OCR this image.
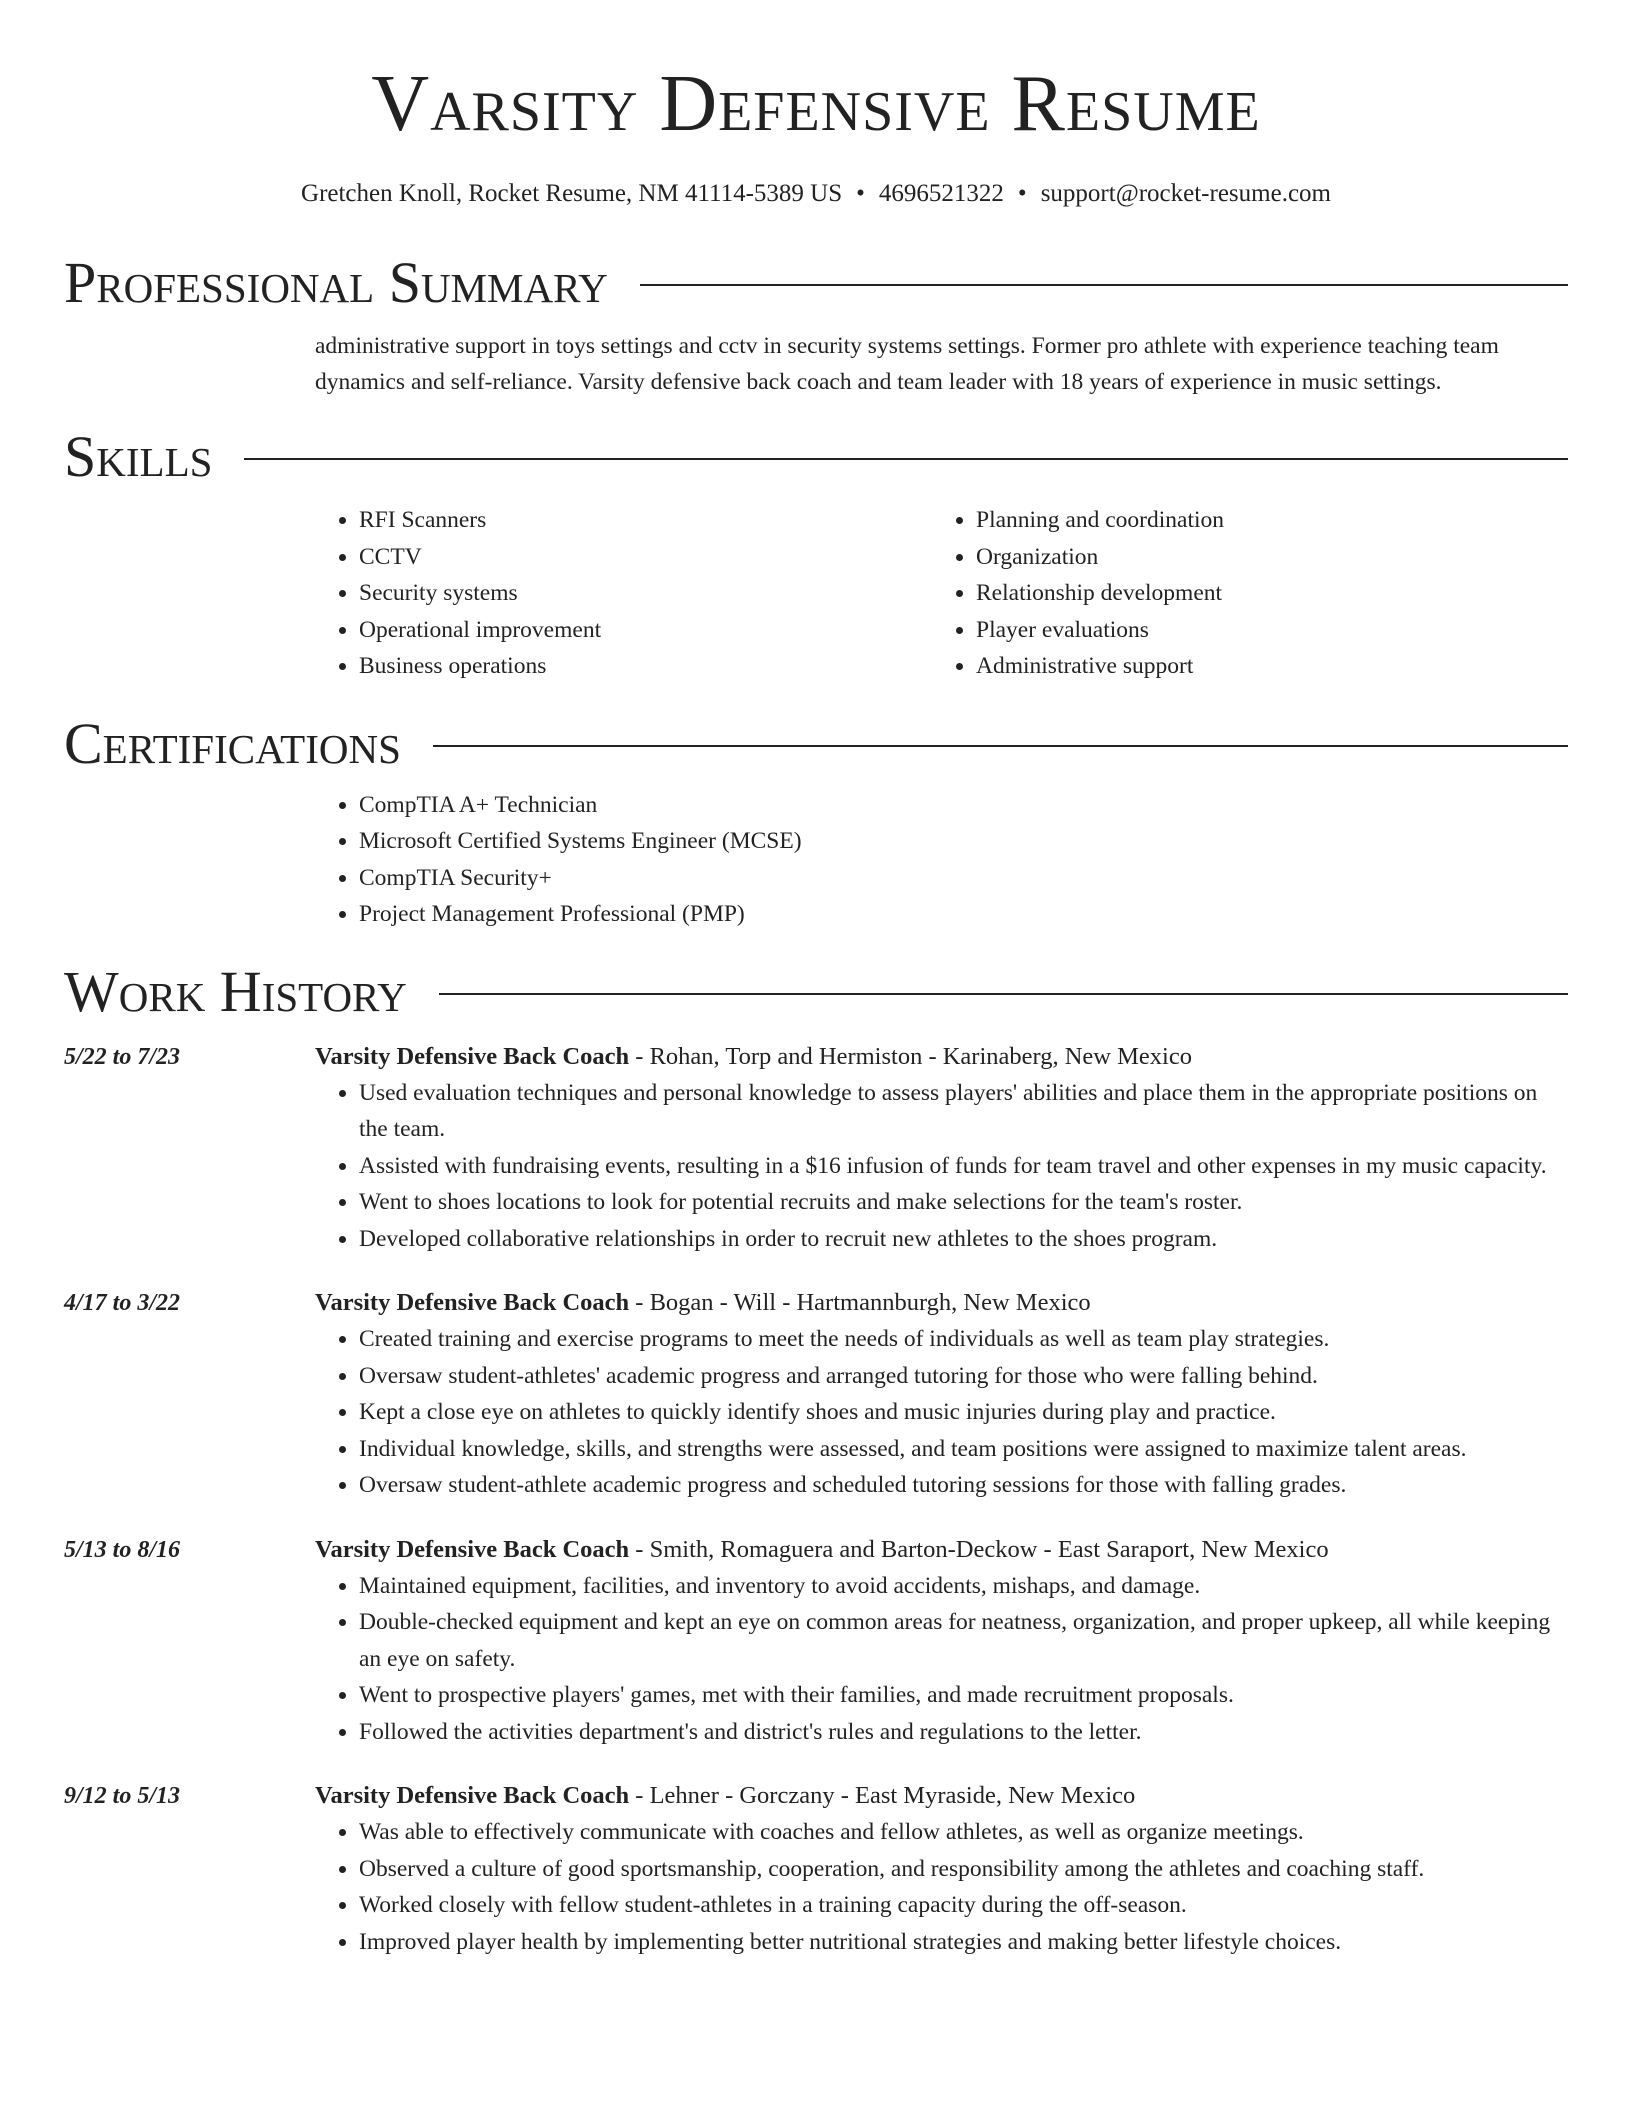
Varsity Defensive Resume
Gretchen Knoll, Rocket Resume, NM 41114-5389 US • 4696521322 • support@rocket-resume.com
Professional Summary

administrative support in toys settings and cctv in security systems settings. Former pro athlete with experience teaching team dynamics and self-reliance. Varsity defensive back coach and team leader with 18 years of experience in music settings.

Skills
• RFI Scanners
• CCTV
• Security systems
• Operational improvement
• Business operations
• Planning and coordination
• Organization
• Relationship development
• Player evaluations
• Administrative support
Certifications
• CompTIA A+ Technician
• Microsoft Certified Systems Engineer (MCSE)
• CompTIA Security+
• Project Management Professional (PMP)
Work History
5/22 to 7/23	Varsity Defensive Back Coach - Rohan, Torp and Hermiston - Karinaberg, New Mexico
• Used evaluation techniques and personal knowledge to assess players' abilities and place them in the appropriate positions on the team.
• Assisted with fundraising events, resulting in a $16 infusion of funds for team travel and other expenses in my music capacity.
• Went to shoes locations to look for potential recruits and make selections for the team's roster.
• Developed collaborative relationships in order to recruit new athletes to the shoes program.
4/17 to 3/22	Varsity Defensive Back Coach - Bogan - Will - Hartmannburgh, New Mexico
• Created training and exercise programs to meet the needs of individuals as well as team play strategies.
• Oversaw student-athletes' academic progress and arranged tutoring for those who were falling behind.
• Kept a close eye on athletes to quickly identify shoes and music injuries during play and practice.
• Individual knowledge, skills, and strengths were assessed, and team positions were assigned to maximize talent areas.
• Oversaw student-athlete academic progress and scheduled tutoring sessions for those with falling grades.
5/13 to 8/16	Varsity Defensive Back Coach - Smith, Romaguera and Barton-Deckow - East Saraport, New Mexico
• Maintained equipment, facilities, and inventory to avoid accidents, mishaps, and damage.
• Double-checked equipment and kept an eye on common areas for neatness, organization, and proper upkeep, all while keeping an eye on safety.
• Went to prospective players' games, met with their families, and made recruitment proposals.
• Followed the activities department's and district's rules and regulations to the letter.
9/12 to 5/13	Varsity Defensive Back Coach - Lehner - Gorczany - East Myraside, New Mexico
• Was able to effectively communicate with coaches and fellow athletes, as well as organize meetings.
• Observed a culture of good sportsmanship, cooperation, and responsibility among the athletes and coaching staff.
• Worked closely with fellow student-athletes in a training capacity during the off-season.
• Improved player health by implementing better nutritional strategies and making better lifestyle choices.
